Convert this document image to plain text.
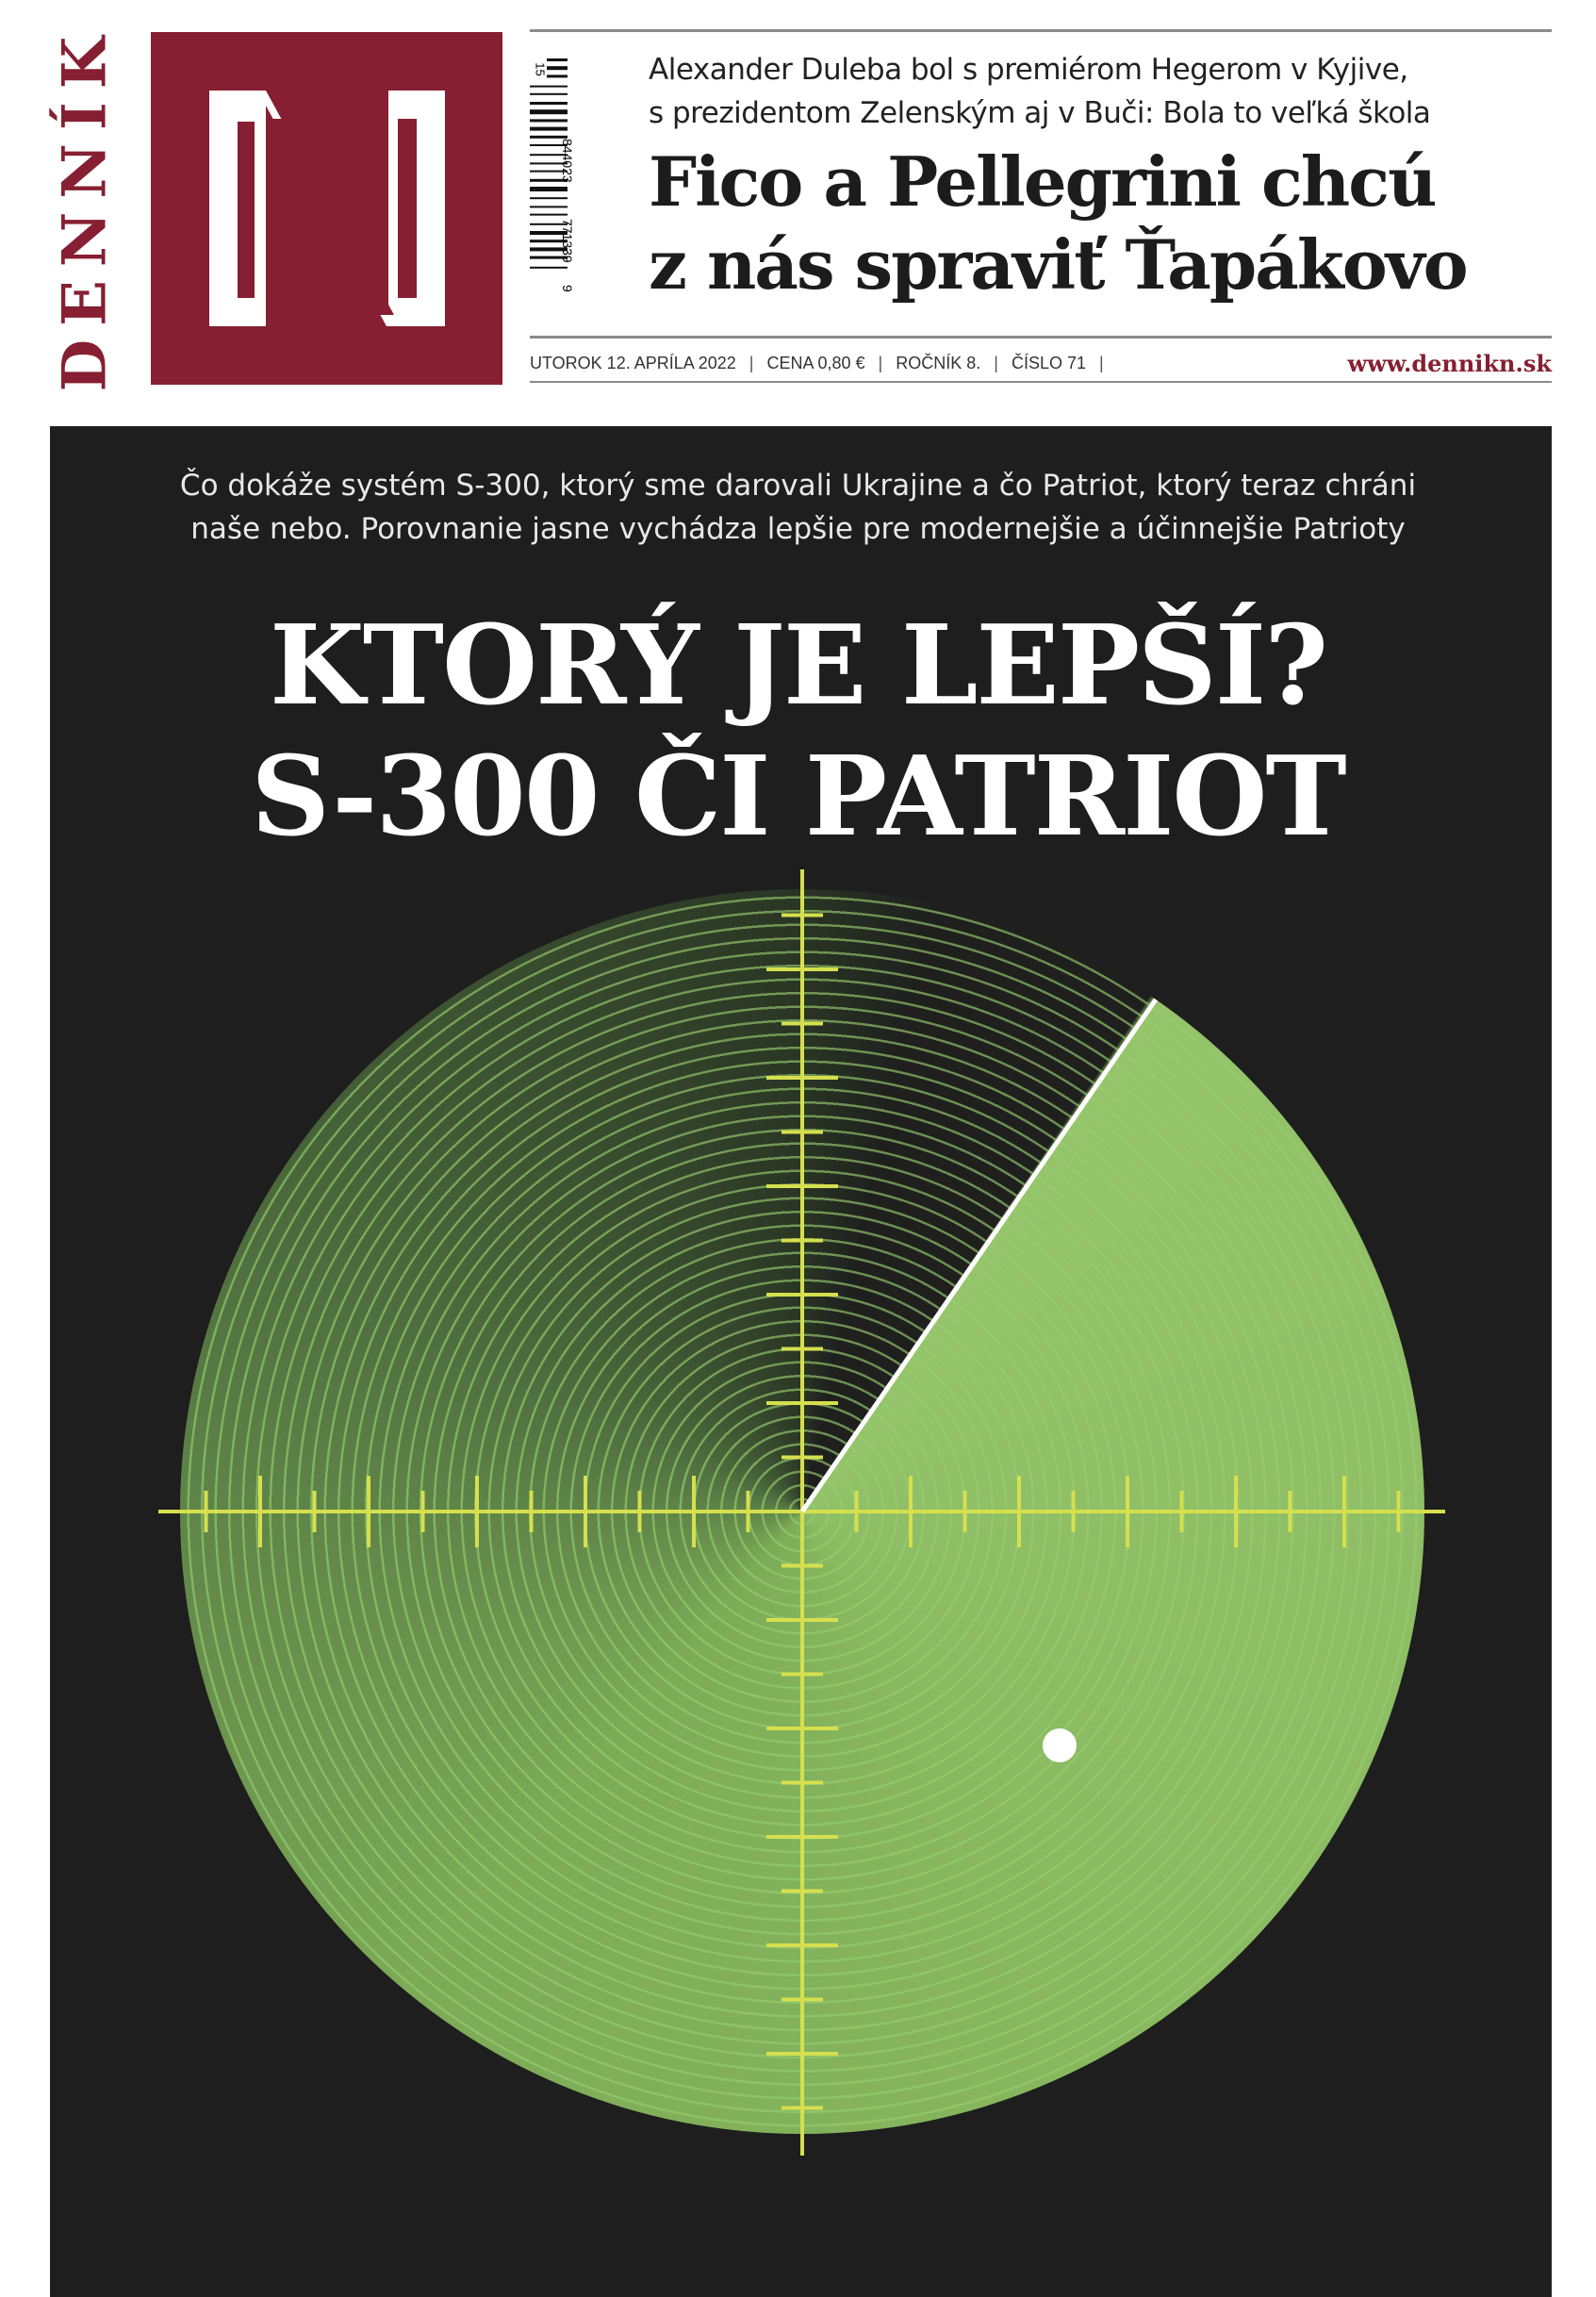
DENNÍK	15
844023
771339
9
Alexander Duleba bol s premiérom Hegerom v Kyjive,
s prezidentom Zelenským aj v Buči: Bola to veľká škola
Fico a Pellegrini chcú
z nás spraviť Ťapákovo
UTOROK 12. APRÍLA 2022 | CENA 0,80 € | ROČNÍK 8. | ČÍSLO 71 |	www.dennikn.sk
Čo dokáže systém S-300, ktorý sme darovali Ukrajine a čo Patriot, ktorý teraz chráni
naše nebo. Porovnanie jasne vychádza lepšie pre modernejšie a účinnejšie Patrioty
KTORÝ JE LEPŠÍ?
S-300 ČI PATRIOT
